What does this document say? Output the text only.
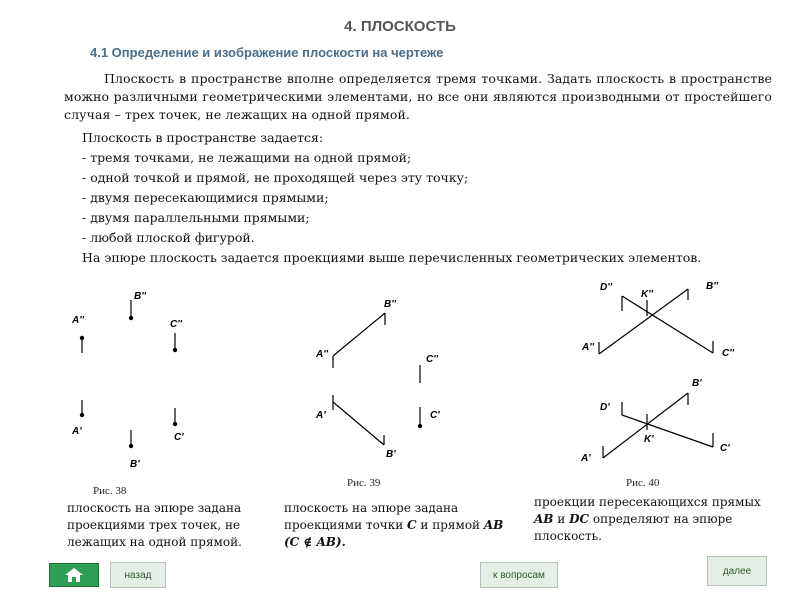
4. ПЛОСКОСТЬ
4.1 Определение и изображение плоскости на чертеже
Плоскость в пространстве вполне определяется тремя точками. Задать плоскость в пространстве можно различными геометрическими элементами, но все они являются производными от простейшего случая – трех точек, не лежащих на одной прямой.
Плоскость в пространстве задается:
- тремя точками, не лежащими на одной прямой;
- одной точкой и прямой, не проходящей через эту точку;
- двумя пересекающимися прямыми;
- двумя параллельными прямыми;
- любой плоской фигурой.
На эпюре плоскость задается проекциями выше перечисленных геометрических элементов.
B''
A''	C''
A'
C'
B'
Рис. 38
B''
A''	C''
A'	C'
B'
Рис. 39
D''
K''
B''
A''
C''
B'
D'
K'
A'
C'
Рис. 40
плоскость на эпюре задана проекциями трех точек, не лежащих на одной прямой.
плоскость на эпюре задана проекциями точки C и прямой AB (C ∉ AB).
проекции пересекающихся прямых AB и DC определяют на эпюре плоскость.
назад	к вопросам	далее
